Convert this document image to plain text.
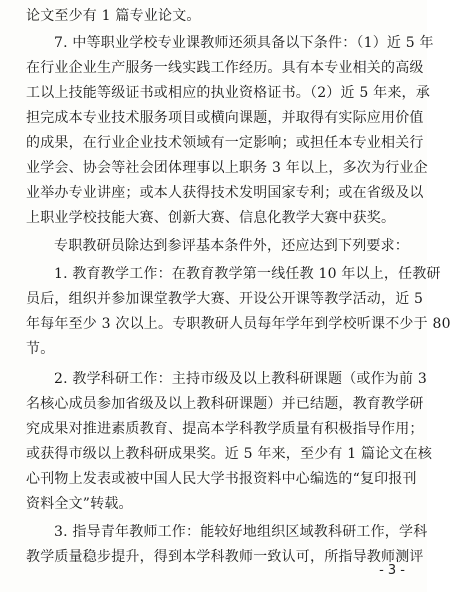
论文至少有 1 篇专业论文。
7. 中等职业学校专业课教师还须具备以下条件：（1）近 5 年
在行业企业生产服务一线实践工作经历。具有本专业相关的高级
工以上技能等级证书或相应的执业资格证书。（2）近 5 年来，承
担完成本专业技术服务项目或横向课题，并取得有实际应用价值
的成果，在行业企业技术领域有一定影响；或担任本专业相关行
业学会、协会等社会团体理事以上职务 3 年以上，多次为行业企
业举办专业讲座；或本人获得技术发明国家专利；或在省级及以
上职业学校技能大赛、创新大赛、信息化教学大赛中获奖。
专职教研员除达到参评基本条件外，还应达到下列要求：
1. 教育教学工作：在教育教学第一线任教 10 年以上，任教研
员后，组织并参加课堂教学大赛、开设公开课等教学活动，近 5
年每年至少 3 次以上。专职教研人员每年学年到学校听课不少于 80
节。
2. 教学科研工作：主持市级及以上教科研课题（或作为前 3
名核心成员参加省级及以上教科研课题）并已结题，教育教学研
究成果对推进素质教育、提高本学科教学质量有积极指导作用；
或获得市级以上教科研成果奖。近 5 年来，至少有 1 篇论文在核
心刊物上发表或被中国人民大学书报资料中心编选的“复印报刊
资料全文”转载。
3. 指导青年教师工作：能较好地组织区域教科研工作，学科
教学质量稳步提升，得到本学科教师一致认可，所指导教师测评
- 3 -
